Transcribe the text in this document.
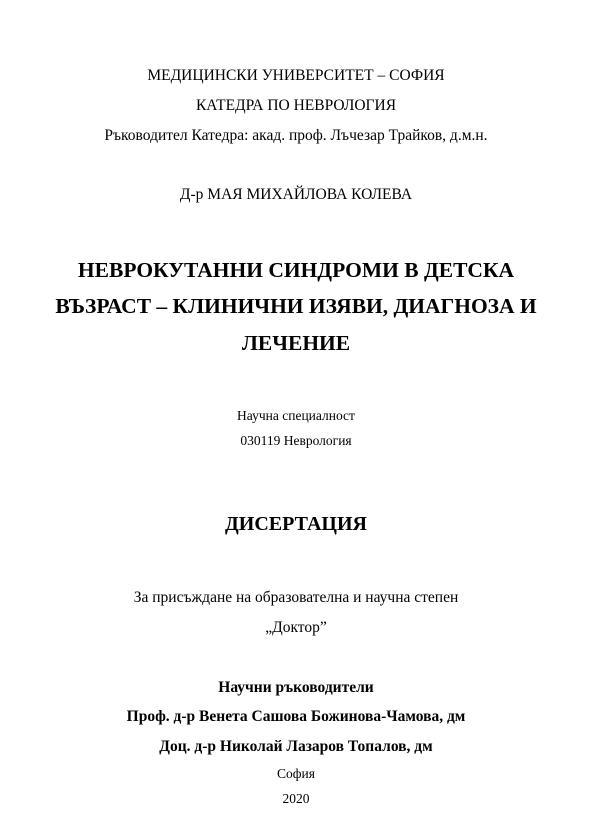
МЕДИЦИНСКИ УНИВЕРСИТЕТ – СОФИЯ
КАТЕДРА ПО НЕВРОЛОГИЯ
Ръководител Катедра: акад. проф. Лъчезар Трайков, д.м.н.
Д-р МАЯ МИХАЙЛОВА КОЛЕВА
НЕВРОКУТАННИ СИНДРОМИ В ДЕТСКА
ВЪЗРАСТ – КЛИНИЧНИ ИЗЯВИ, ДИАГНОЗА И
ЛЕЧЕНИЕ
Научна специалност
030119 Неврология
ДИСЕРТАЦИЯ
За присъждане на образователна и научна степен
„Доктор”
Научни ръководители
Проф. д-р Венета Сашова Божинова-Чамова, дм
Доц. д-р Николай Лазаров Топалов, дм
София
2020
